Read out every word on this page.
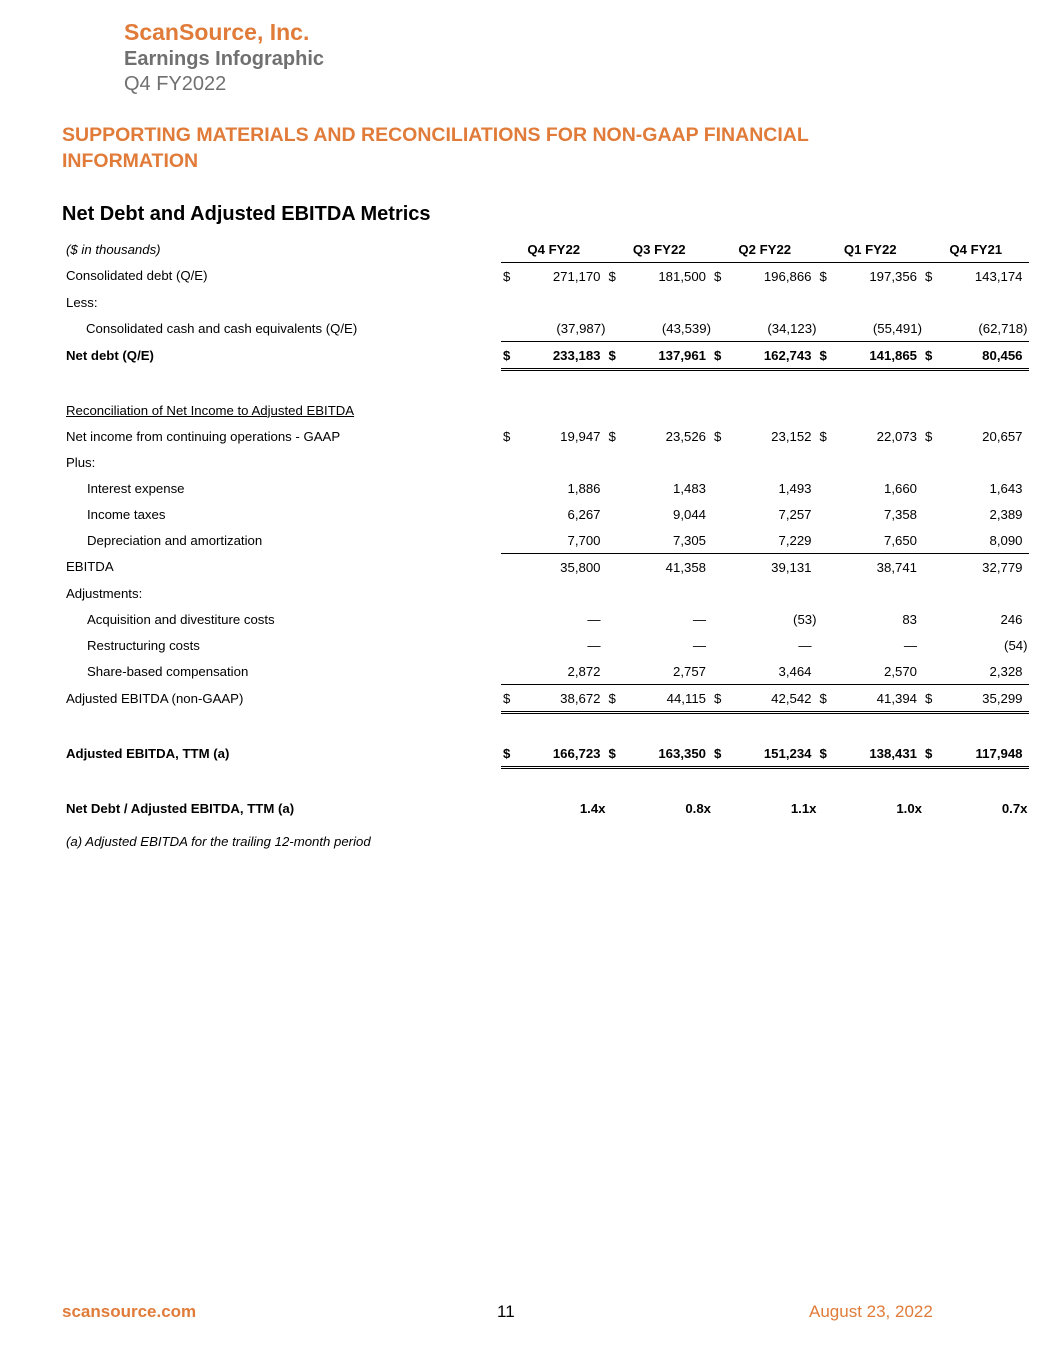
ScanSource, Inc.
Earnings Infographic
Q4 FY2022
SUPPORTING MATERIALS AND RECONCILIATIONS FOR NON-GAAP FINANCIAL INFORMATION
Net Debt and Adjusted EBITDA Metrics
($ in thousands)	Q4 FY22		Q3 FY22		Q2 FY22		Q1 FY22		Q4 FY21	
Consolidated debt (Q/E)	$	271,170	$	181,500	$	196,866	$	197,356	$	143,174
Less:										
Consolidated cash and cash equivalents (Q/E)		(37,987)		(43,539)		(34,123)		(55,491)		(62,718)
Net debt (Q/E)	$	233,183	$	137,961	$	162,743	$	141,865	$	80,456

Reconciliation of Net Income to Adjusted EBITDA										
Net income from continuing operations - GAAP	$	19,947	$	23,526	$	23,152	$	22,073	$	20,657
Plus:										
Interest expense		1,886		1,483		1,493		1,660		1,643
Income taxes		6,267		9,044		7,257		7,358		2,389
Depreciation and amortization		7,700		7,305		7,229		7,650		8,090
EBITDA		35,800		41,358		39,131		38,741		32,779
Adjustments:										
Acquisition and divestiture costs		—		—		(53)		83		246
Restructuring costs		—		—		—		—		(54)
Share-based compensation		2,872		2,757		3,464		2,570		2,328
Adjusted EBITDA (non-GAAP)	$	38,672	$	44,115	$	42,542	$	41,394	$	35,299

Adjusted EBITDA, TTM (a)	$	166,723	$	163,350	$	151,234	$	138,431	$	117,948

Net Debt / Adjusted EBITDA, TTM (a)		1.4x		0.8x		1.1x		1.0x		0.7x
(a) Adjusted EBITDA for the trailing 12-month period
scansource.com	11	August 23, 2022
